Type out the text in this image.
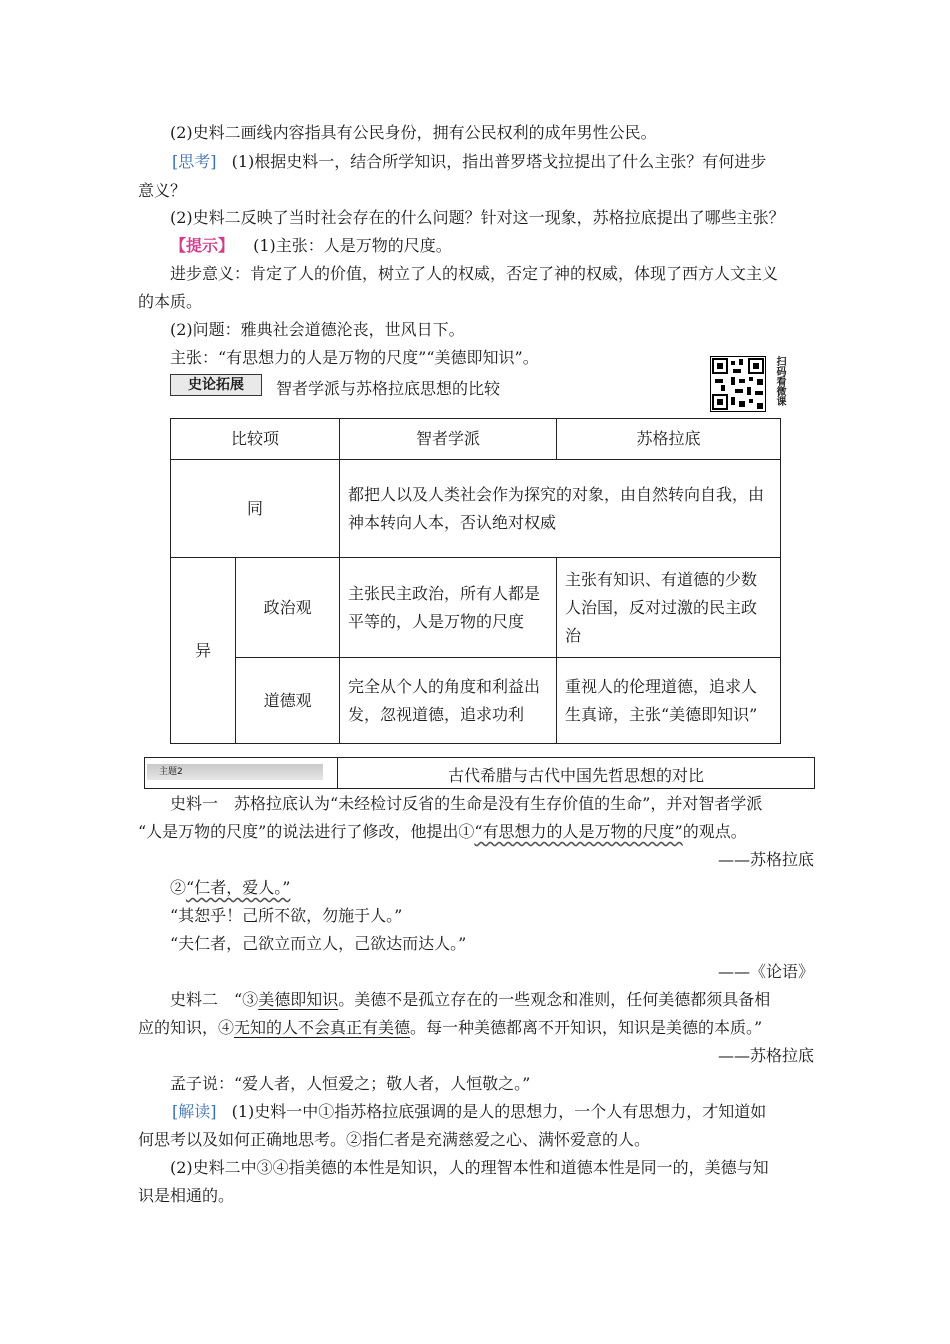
(2)史料二画线内容指具有公民身份，拥有公民权利的成年男性公民。
[思考] (1)根据史料一，结合所学知识，指出普罗塔戈拉提出了什么主张？有何进步
意义？
(2)史料二反映了当时社会存在的什么问题？针对这一现象，苏格拉底提出了哪些主张？
【提示】 (1)主张：人是万物的尺度。
进步意义：肯定了人的价值，树立了人的权威，否定了神的权威，体现了西方人文主义
的本质。
(2)问题：雅典社会道德沦丧，世风日下。
主张：“有思想力的人是万物的尺度”“美德即知识”。
史论拓展	智者学派与苏格拉底思想的比较	扫码看微课
比较项		智者学派	苏格拉底
同		都把人以及人类社会作为探究的对象，由自然转向自我，由神本转向人本，否认绝对权威	
异	政治观	主张民主政治，所有人都是平等的，人是万物的尺度	主张有知识、有道德的少数人治国，反对过激的民主政治
	道德观	完全从个人的角度和利益出发，忽视道德，追求功利	重视人的伦理道德，追求人生真谛，主张“美德即知识”
主题2	古代希腊与古代中国先哲思想的对比
史料一　苏格拉底认为“未经检讨反省的生命是没有生存价值的生命”，并对智者学派
“人是万物的尺度”的说法进行了修改，他提出①“有思想力的人是万物的尺度”的观点。
——苏格拉底
②“仁者，爱人。”
“其恕乎！己所不欲，勿施于人。”
“夫仁者，己欲立而立人，己欲达而达人。”
——《论语》
史料二　“③美德即知识。美德不是孤立存在的一些观念和准则，任何美德都须具备相
应的知识，④无知的人不会真正有美德。每一种美德都离不开知识，知识是美德的本质。”
——苏格拉底
孟子说：“爱人者，人恒爱之；敬人者，人恒敬之。”
[解读] (1)史料一中①指苏格拉底强调的是人的思想力，一个人有思想力，才知道如
何思考以及如何正确地思考。②指仁者是充满慈爱之心、满怀爱意的人。
(2)史料二中③④指美德的本性是知识，人的理智本性和道德本性是同一的，美德与知
识是相通的。
